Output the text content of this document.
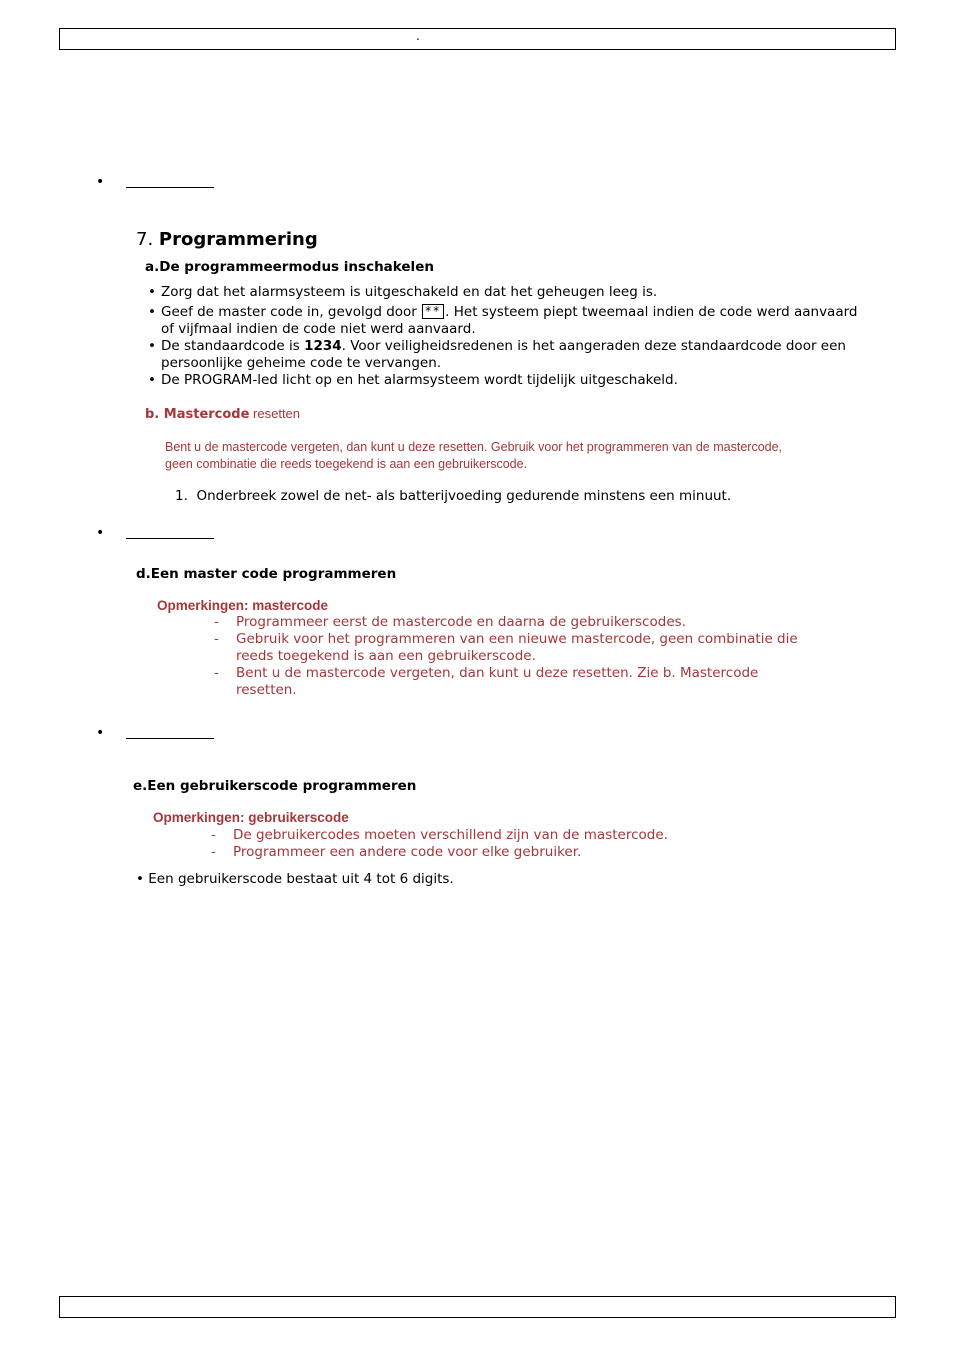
.
•
•
•
7. Programmering
a.De programmeermodus inschakelen
• Zorg dat het alarmsysteem is uitgeschakeld en dat het geheugen leeg is.
• Geef de master code in, gevolgd door ** . Het systeem piept tweemaal indien de code werd aanvaard of vijfmaal indien de code niet werd aanvaard.
• De standaardcode is 1234. Voor veiligheidsredenen is het aangeraden deze standaardcode door een persoonlijke geheime code te vervangen.
• De PROGRAM-led licht op en het alarmsysteem wordt tijdelijk uitgeschakeld.
b. Mastercode resetten
Bent u de mastercode vergeten, dan kunt u deze resetten. Gebruik voor het programmeren van de mastercode, geen combinatie die reeds toegekend is aan een gebruikerscode.
1. Onderbreek zowel de net- als batterijvoeding gedurende minstens een minuut.
d.Een master code programmeren
Opmerkingen: mastercode
- Programmeer eerst de mastercode en daarna de gebruikerscodes.
- Gebruik voor het programmeren van een nieuwe mastercode, geen combinatie die reeds toegekend is aan een gebruikerscode.
- Bent u de mastercode vergeten, dan kunt u deze resetten. Zie b. Mastercode resetten.
e.Een gebruikerscode programmeren
Opmerkingen: gebruikerscode
- De gebruikercodes moeten verschillend zijn van de mastercode.
- Programmeer een andere code voor elke gebruiker.
• Een gebruikerscode bestaat uit 4 tot 6 digits.
